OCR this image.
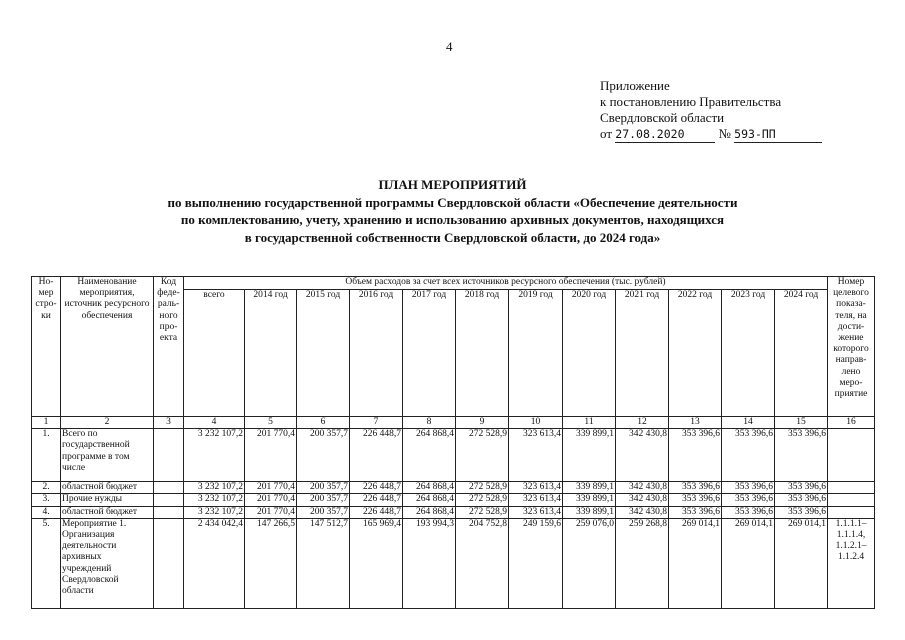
4
Приложение
к постановлению Правительства
Свердловской области
от 27.08.2020	№ 593-ПП
ПЛАН МЕРОПРИЯТИЙ
по выполнению государственной программы Свердловской области «Обеспечение деятельности
по комплектованию, учету, хранению и использованию архивных документов, находящихся
в государственной собственности Свердловской области, до 2024 года»
Но-мер стро-ки	Наименование мероприятия, источник ресурсного обеспечения	Код феде-раль-ного про-екта	Объем расходов за счет всех источников ресурсного обеспечения (тыс. рублей)												Номер целевого показа-теля, на дости-жение которого направ-лено меро-приятие
			всего	2014 год	2015 год	2016 год	2017 год	2018 год	2019 год	2020 год	2021 год	2022 год	2023 год	2024 год	
1	2	3	4	5	6	7	8	9	10	11	12	13	14	15	16
1.	Всего по государственной программе в том числе		3 232 107,2	201 770,4	200 357,7	226 448,7	264 868,4	272 528,9	323 613,4	339 899,1	342 430,8	353 396,6	353 396,6	353 396,6	
2.	областной бюджет		3 232 107,2	201 770,4	200 357,7	226 448,7	264 868,4	272 528,9	323 613,4	339 899,1	342 430,8	353 396,6	353 396,6	353 396,6	
3.	Прочие нужды		3 232 107,2	201 770,4	200 357,7	226 448,7	264 868,4	272 528,9	323 613,4	339 899,1	342 430,8	353 396,6	353 396,6	353 396,6	
4.	областной бюджет		3 232 107,2	201 770,4	200 357,7	226 448,7	264 868,4	272 528,9	323 613,4	339 899,1	342 430,8	353 396,6	353 396,6	353 396,6	
5.	Мероприятие 1. Организация деятельности архивных учреждений Свердловской области		2 434 042,4	147 266,5	147 512,7	165 969,4	193 994,3	204 752,8	249 159,6	259 076,0	259 268,8	269 014,1	269 014,1	269 014,1	1.1.1.1–1.1.1.4, 1.1.2.1–1.1.2.4
